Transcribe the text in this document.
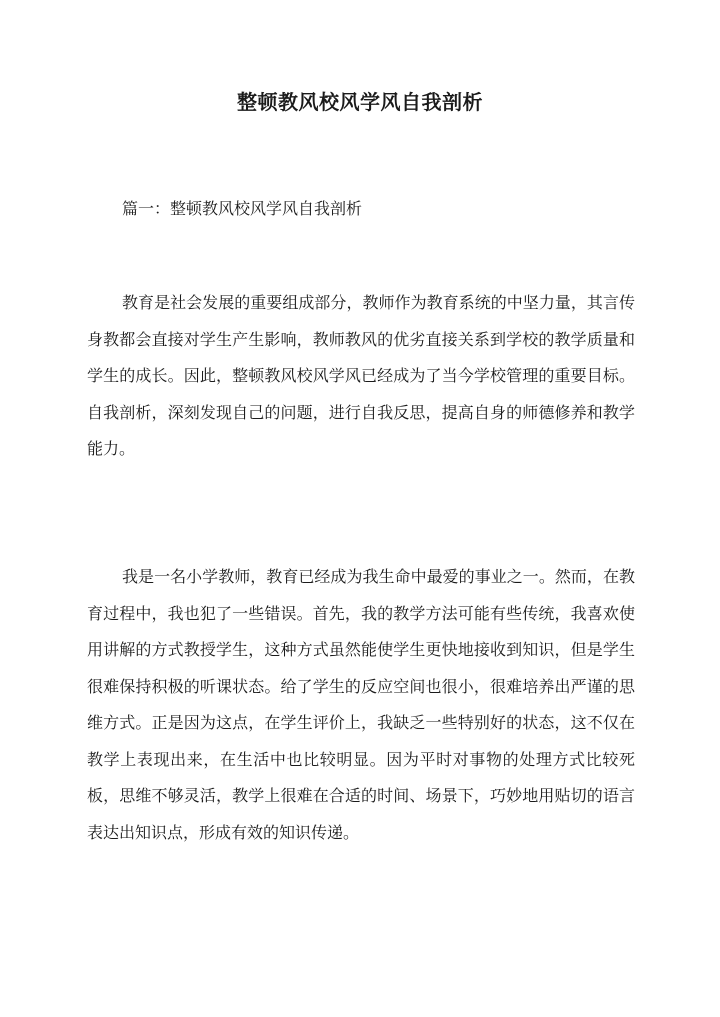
整顿教风校风学风自我剖析

篇一：整顿教风校风学风自我剖析

教育是社会发展的重要组成部分，教师作为教育系统的中坚力量，其言传身教都会直接对学生产生影响，教师教风的优劣直接关系到学校的教学质量和学生的成长。因此，整顿教风校风学风已经成为了当今学校管理的重要目标。自我剖析，深刻发现自己的问题，进行自我反思，提高自身的师德修养和教学能力。

我是一名小学教师，教育已经成为我生命中最爱的事业之一。然而，在教育过程中，我也犯了一些错误。首先，我的教学方法可能有些传统，我喜欢使用讲解的方式教授学生，这种方式虽然能使学生更快地接收到知识，但是学生很难保持积极的听课状态。给了学生的反应空间也很小，很难培养出严谨的思维方式。正是因为这点，在学生评价上，我缺乏一些特别好的状态，这不仅在教学上表现出来，在生活中也比较明显。因为平时对事物的处理方式比较死板，思维不够灵活，教学上很难在合适的时间、场景下，巧妙地用贴切的语言表达出知识点，形成有效的知识传递。
